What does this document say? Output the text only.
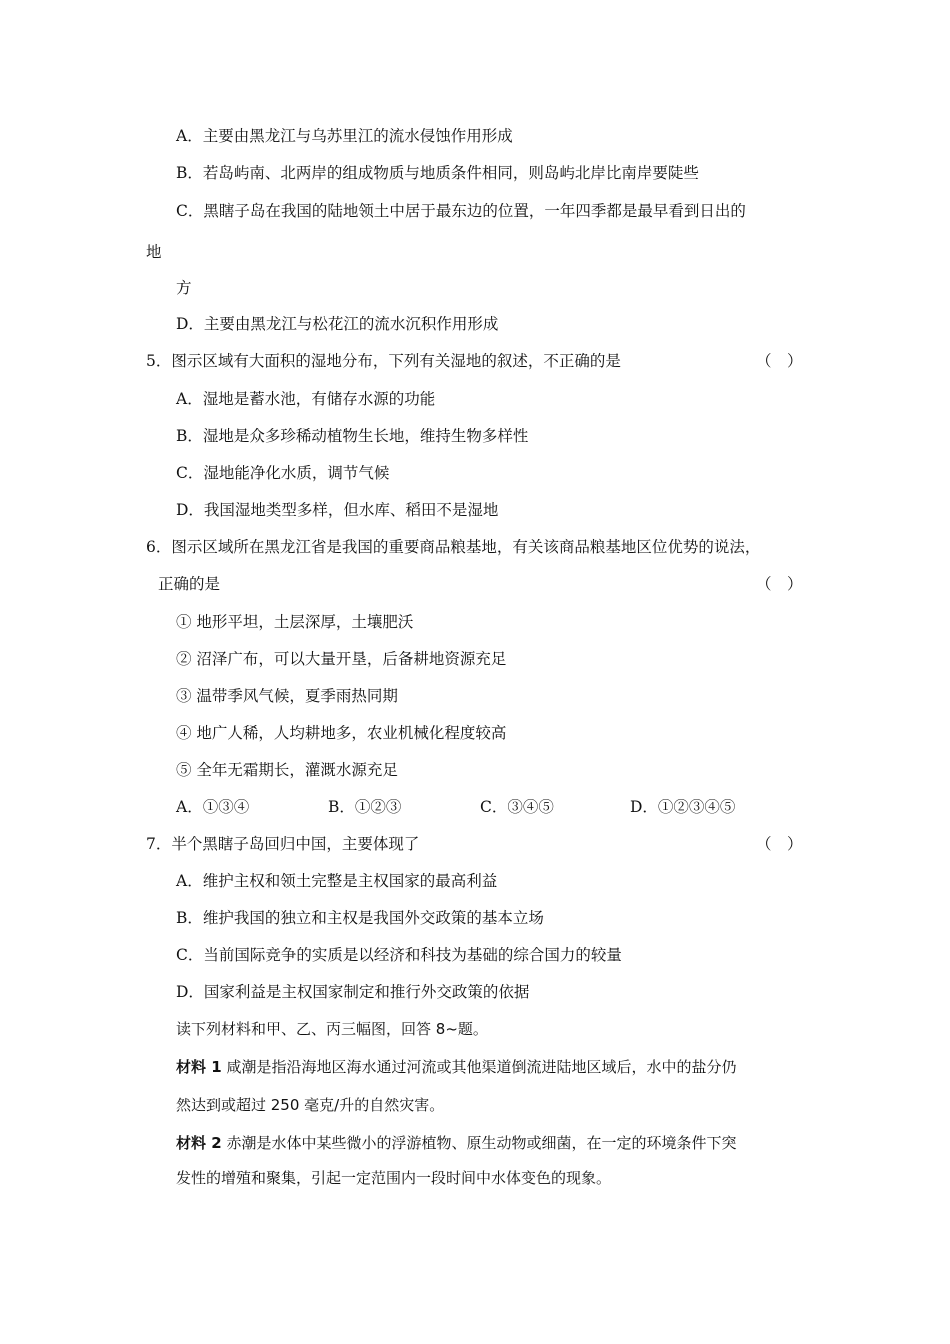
A．主要由黑龙江与乌苏里江的流水侵蚀作用形成
B．若岛屿南、北两岸的组成物质与地质条件相同，则岛屿北岸比南岸要陡些
C．黑瞎子岛在我国的陆地领土中居于最东边的位置，一年四季都是最早看到日出的
地
方
D．主要由黑龙江与松花江的流水沉积作用形成
5．图示区域有大面积的湿地分布，下列有关湿地的叙述，不正确的是	（　）
A．湿地是蓄水池，有储存水源的功能
B．湿地是众多珍稀动植物生长地，维持生物多样性
C．湿地能净化水质，调节气候
D．我国湿地类型多样，但水库、稻田不是湿地
6．图示区域所在黑龙江省是我国的重要商品粮基地，有关该商品粮基地区位优势的说法，
正确的是	（　）
① 地形平坦，土层深厚，土壤肥沃
② 沼泽广布，可以大量开垦，后备耕地资源充足
③ 温带季风气候，夏季雨热同期
④ 地广人稀，人均耕地多，农业机械化程度较高
⑤ 全年无霜期长，灌溉水源充足
A．①③④	B．①②③	C．③④⑤	D．①②③④⑤
7．半个黑瞎子岛回归中国，主要体现了	（　）
A．维护主权和领土完整是主权国家的最高利益
B．维护我国的独立和主权是我国外交政策的基本立场
C．当前国际竞争的实质是以经济和科技为基础的综合国力的较量
D．国家利益是主权国家制定和推行外交政策的依据
读下列材料和甲、乙、丙三幅图，回答 8~题。
材料 1 咸潮是指沿海地区海水通过河流或其他渠道倒流进陆地区域后，水中的盐分仍
然达到或超过 250 毫克/升的自然灾害。
材料 2 赤潮是水体中某些微小的浮游植物、原生动物或细菌，在一定的环境条件下突
发性的增殖和聚集，引起一定范围内一段时间中水体变色的现象。
